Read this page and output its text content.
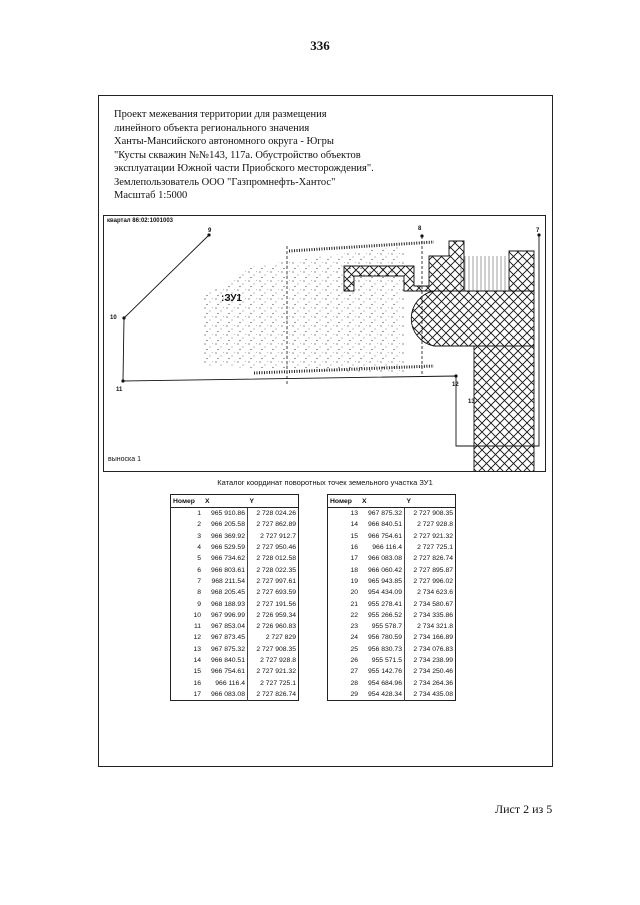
336
Проект межевания территории для размещения
линейного объекта регионального значения
Ханты-Мансийского автономного округа - Югры
"Кусты скважин №№143, 117а. Обустройство объектов
эксплуатации Южной части Приобского месторождения".
Землепользователь ООО "Газпромнефть-Хантос"
Масштаб 1:5000
квартал 86:02:1001003
7
8
9
10
11
12
13
:ЗУ1
выноска 1
Каталог координат поворотных точек земельного участка ЗУ1
Номер	X	Y
1	965 910.86	2 728 024.26
2	966 205.58	2 727 862.89
3	966 369.92	2 727 912.7
4	966 529.59	2 727 950.46
5	966 734.62	2 728 012.58
6	966 803.61	2 728 022.35
7	968 211.54	2 727 997.61
8	968 205.45	2 727 693.59
9	968 188.93	2 727 191.56
10	967 996.99	2 726 959.34
11	967 853.04	2 726 960.83
12	967 873.45	2 727 829
13	967 875.32	2 727 908.35
14	966 840.51	2 727 928.8
15	966 754.61	2 727 921.32
16	966 116.4	2 727 725.1
17	966 083.08	2 727 826.74
Номер	X	Y
13	967 875.32	2 727 908.35
14	966 840.51	2 727 928.8
15	966 754.61	2 727 921.32
16	966 116.4	2 727 725.1
17	966 083.08	2 727 826.74
18	966 060.42	2 727 895.87
19	965 943.85	2 727 996.02
20	954 434.09	2 734 623.6
21	955 278.41	2 734 580.67
22	955 266.52	2 734 335.86
23	955 578.7	2 734 321.8
24	956 780.59	2 734 166.89
25	956 830.73	2 734 076.83
26	955 571.5	2 734 238.99
27	955 142.76	2 734 250.46
28	954 684.96	2 734 264.36
29	954 428.34	2 734 435.08
Лист 2 из 5
